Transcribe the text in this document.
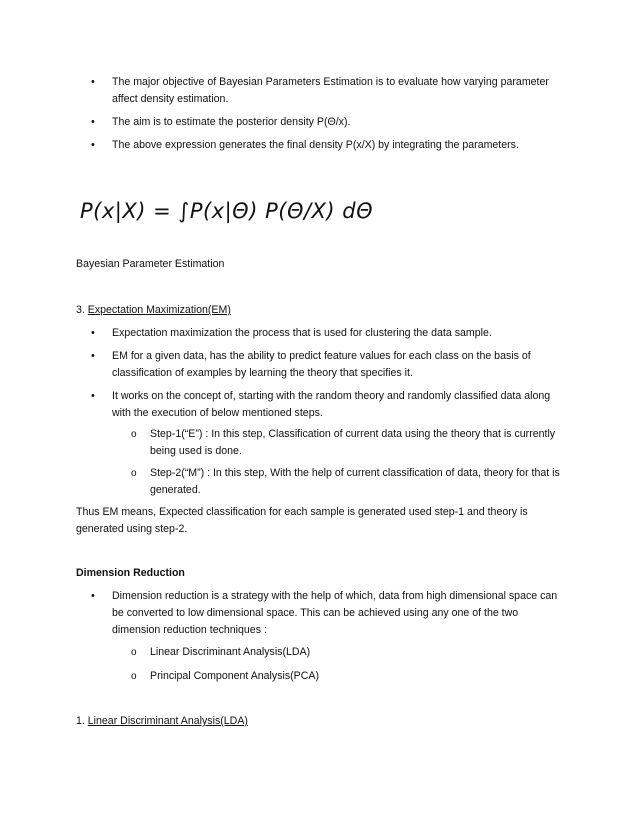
• The major objective of Bayesian Parameters Estimation is to evaluate how varying parameter affect density estimation.
• The aim is to estimate the posterior density P(Θ/x).
• The above expression generates the final density P(x/X) by integrating the parameters.
P(x|X) = ∫P(x|Θ) P(Θ/X) dΘ
Bayesian Parameter Estimation
3. Expectation Maximization(EM)
• Expectation maximization the process that is used for clustering the data sample.
• EM for a given data, has the ability to predict feature values for each class on the basis of classification of examples by learning the theory that specifies it.
• It works on the concept of, starting with the random theory and randomly classified data along with the execution of below mentioned steps.
o Step-1(“E”) : In this step, Classification of current data using the theory that is currently being used is done.
o Step-2(“M”) : In this step, With the help of current classification of data, theory for that is generated.
Thus EM means, Expected classification for each sample is generated used step-1 and theory is generated using step-2.
Dimension Reduction
• Dimension reduction is a strategy with the help of which, data from high dimensional space can be converted to low dimensional space. This can be achieved using any one of the two dimension reduction techniques :
o Linear Discriminant Analysis(LDA)
o Principal Component Analysis(PCA)
1. Linear Discriminant Analysis(LDA)
